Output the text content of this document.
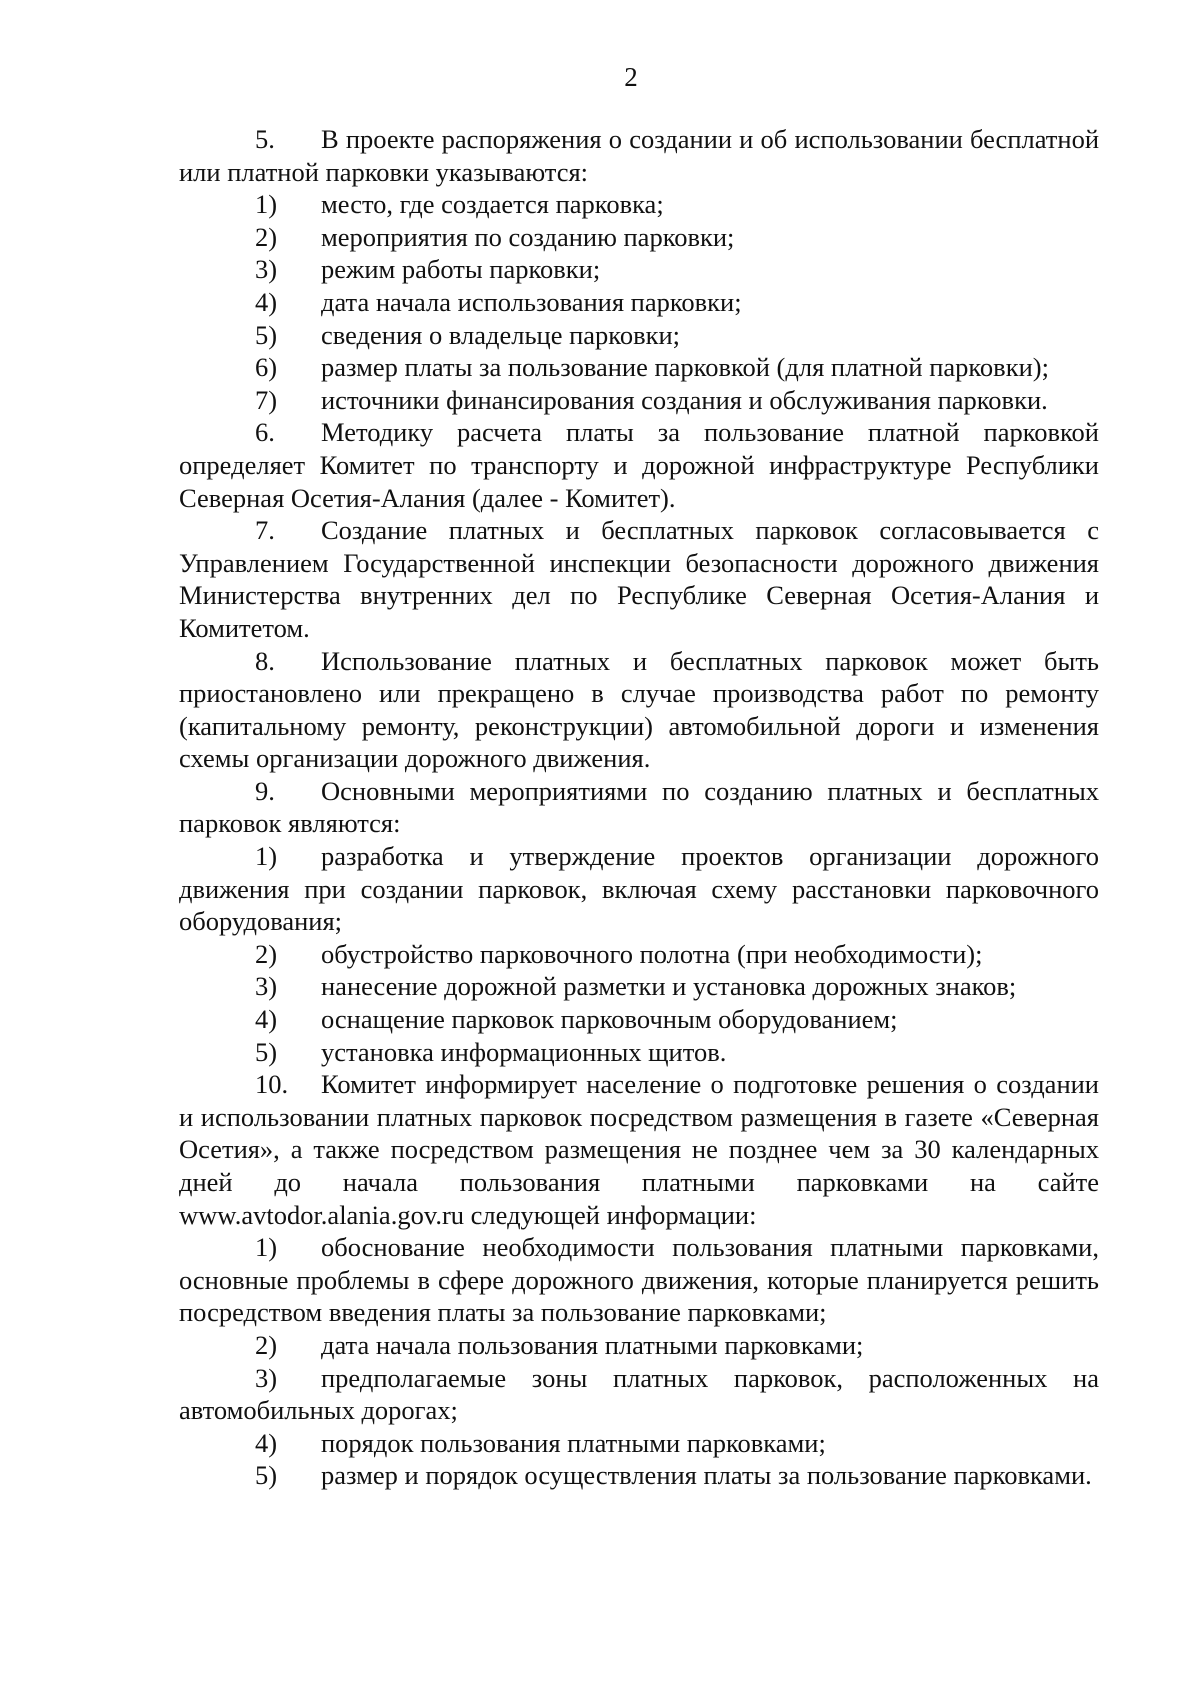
2

5. В проекте распоряжения о создании и об использовании бесплатной или платной парковки указываются:

1) место, где создается парковка;

2) мероприятия по созданию парковки;

3) режим работы парковки;

4) дата начала использования парковки;

5) сведения о владельце парковки;

6) размер платы за пользование парковкой (для платной парковки);

7) источники финансирования создания и обслуживания парковки.

6. Методику расчета платы за пользование платной парковкой определяет Комитет по транспорту и дорожной инфраструктуре Республики Северная Осетия-Алания (далее - Комитет).

7. Создание платных и бесплатных парковок согласовывается с Управлением Государственной инспекции безопасности дорожного движения Министерства внутренних дел по Республике Северная Осетия-Алания и Комитетом.

8. Использование платных и бесплатных парковок может быть приостановлено или прекращено в случае производства работ по ремонту (капитальному ремонту, реконструкции) автомобильной дороги и изменения схемы организации дорожного движения.

9. Основными мероприятиями по созданию платных и бесплатных парковок являются:

1) разработка и утверждение проектов организации дорожного движения при создании парковок, включая схему расстановки парковочного оборудования;

2) обустройство парковочного полотна (при необходимости);

3) нанесение дорожной разметки и установка дорожных знаков;

4) оснащение парковок парковочным оборудованием;

5) установка информационных щитов.

10. Комитет информирует население о подготовке решения о создании и использовании платных парковок посредством размещения в газете «Северная Осетия», а также посредством размещения не позднее чем за 30 календарных дней до начала пользования платными парковками на сайте www.avtodor.alania.gov.ru следующей информации:

1) обоснование необходимости пользования платными парковками, основные проблемы в сфере дорожного движения, которые планируется решить посредством введения платы за пользование парковками;

2) дата начала пользования платными парковками;

3) предполагаемые зоны платных парковок, расположенных на автомобильных дорогах;

4) порядок пользования платными парковками;

5) размер и порядок осуществления платы за пользование парковками.
